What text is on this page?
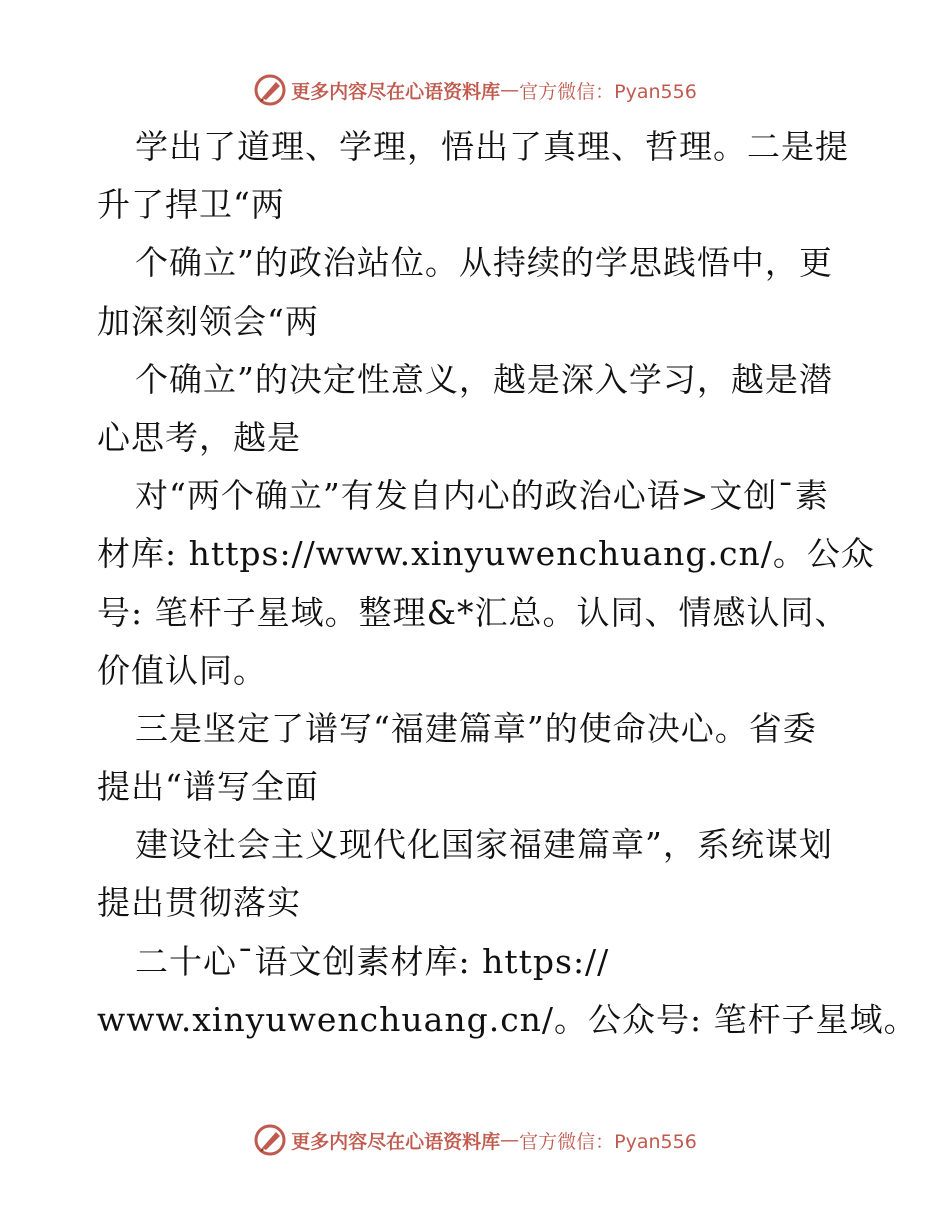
更多内容尽在心语资料库 — 官方微信：Pyan556
学出了道理、学理，悟出了真理、哲理。二是提
升了捍卫“两
个确立”的政治站位。从持续的学思践悟中，更
加深刻领会“两
个确立”的决定性意义，越是深入学习，越是潜
心思考，越是
对“两个确立”有发自内心的政治心语>文创¯素
材库: https://www.xinyuwenchuang.cn/。公众
号: 笔杆子星域。整理&*汇总。认同、情感认同、
价值认同。
三是坚定了谱写“福建篇章”的使命决心。省委
提出“谱写全面
建设社会主义现代化国家福建篇章”，系统谋划
提出贯彻落实
二十心¯语文创素材库: https://
www.xinyuwenchuang.cn/。公众号: 笔杆子星域。
更多内容尽在心语资料库 — 官方微信：Pyan556
